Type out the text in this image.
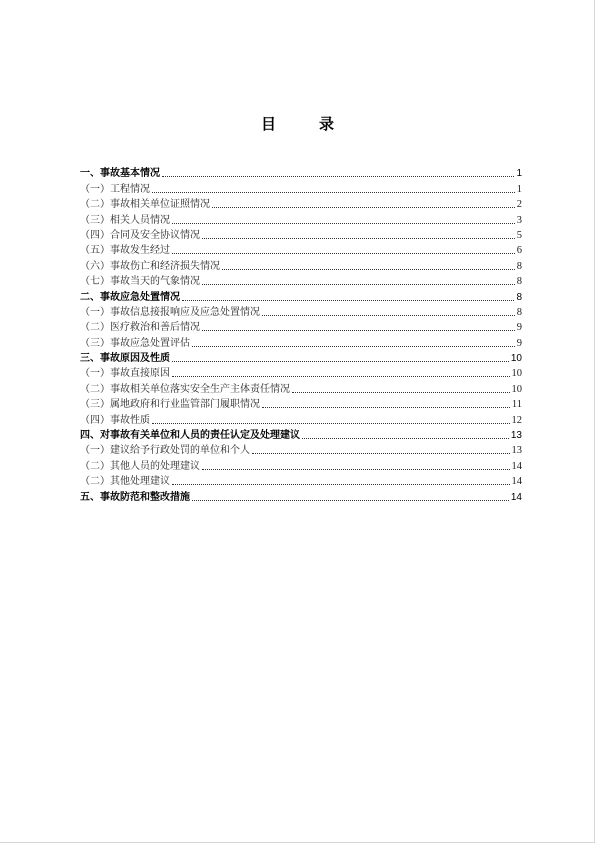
目　录
一、事故基本情况	1
（一）工程情况	1
（二）事故相关单位证照情况	2
（三）相关人员情况	3
（四）合同及安全协议情况	5
（五）事故发生经过	6
（六）事故伤亡和经济损失情况	8
（七）事故当天的气象情况	8
二、事故应急处置情况	8
（一）事故信息接报响应及应急处置情况	8
（二）医疗救治和善后情况	9
（三）事故应急处置评估	9
三、事故原因及性质	10
（一）事故直接原因	10
（二）事故相关单位落实安全生产主体责任情况	10
（三）属地政府和行业监管部门履职情况	11
（四）事故性质	12
四、对事故有关单位和人员的责任认定及处理建议	13
（一）建议给予行政处罚的单位和个人	13
（二）其他人员的处理建议	14
（二）其他处理建议	14
五、事故防范和整改措施	14
